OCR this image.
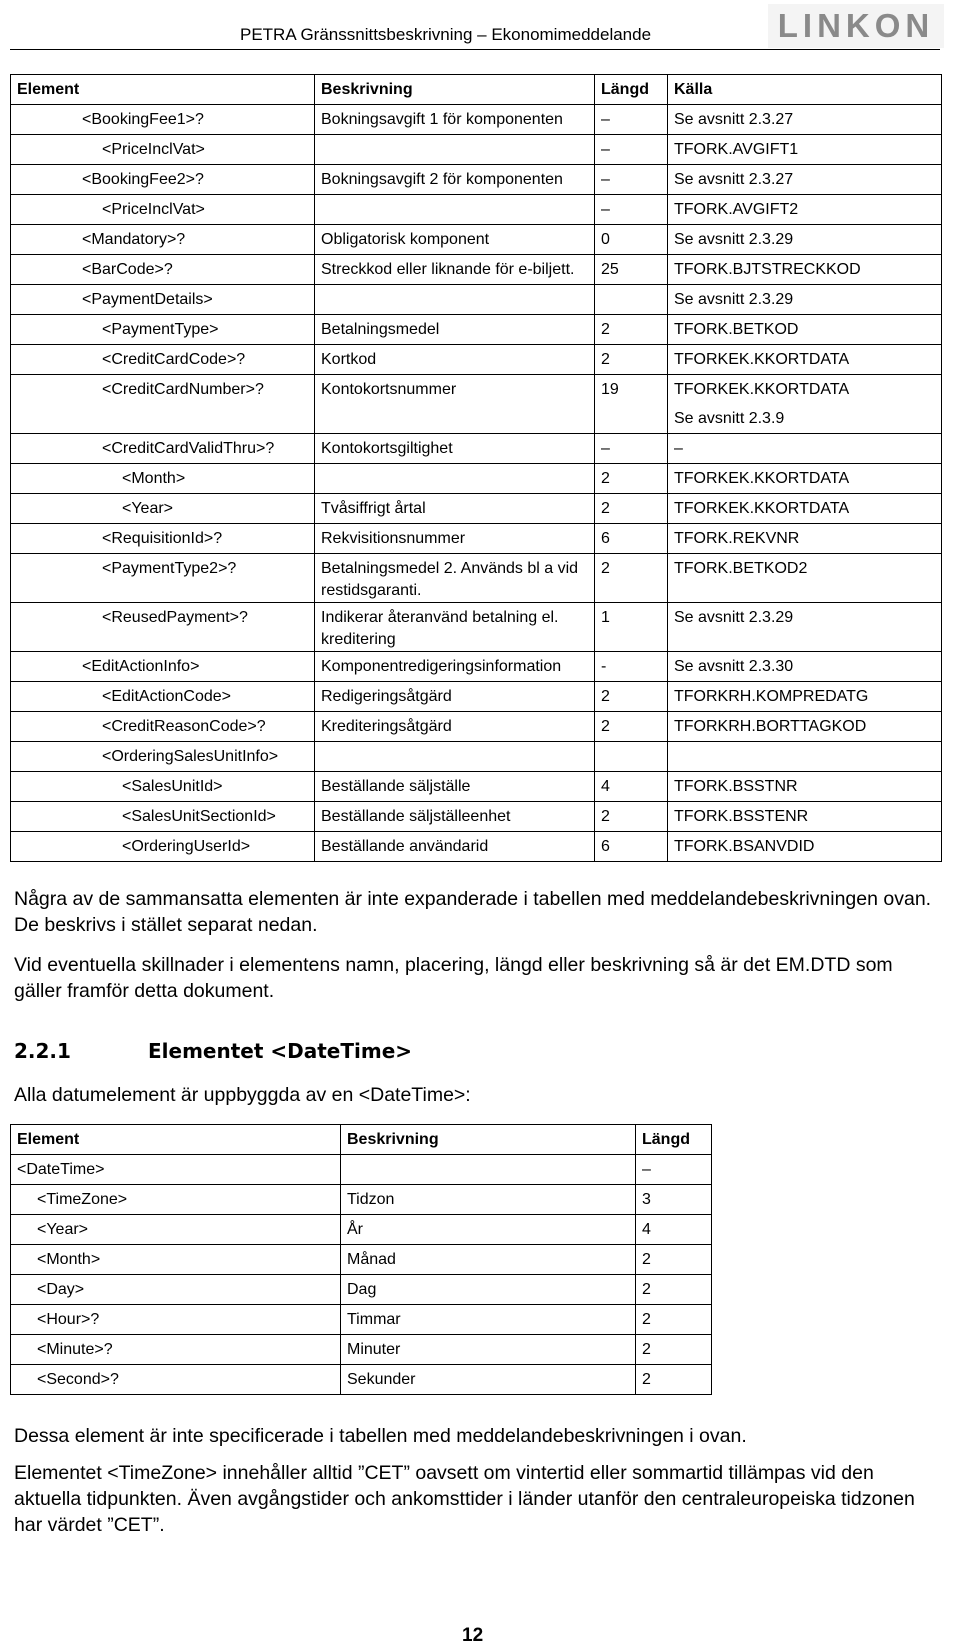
PETRA Gränssnittsbeskrivning – Ekonomimeddelande	LINKON
Element	Beskrivning	Längd	Källa
<BookingFee1>?	Bokningsavgift 1 för komponenten	–	Se avsnitt 2.3.27
<PriceInclVat>		–	TFORK.AVGIFT1
<BookingFee2>?	Bokningsavgift 2 för komponenten	–	Se avsnitt 2.3.27
<PriceInclVat>		–	TFORK.AVGIFT2
<Mandatory>?	Obligatorisk komponent	0	Se avsnitt 2.3.29
<BarCode>?	Streckkod eller liknande för e-biljett.	25	TFORK.BJTSTRECKKOD
<PaymentDetails>			Se avsnitt 2.3.29
<PaymentType>	Betalningsmedel	2	TFORK.BETKOD
<CreditCardCode>?	Kortkod	2	TFORKEK.KKORTDATA
<CreditCardNumber>?	Kontokortsnummer	19	TFORKEK.KKORTDATA
Se avsnitt 2.3.9

<CreditCardValidThru>?	Kontokortsgiltighet	–	–
<Month>		2	TFORKEK.KKORTDATA
<Year>	Tvåsiffrigt årtal	2	TFORKEK.KKORTDATA
<RequisitionId>?	Rekvisitionsnummer	6	TFORK.REKVNR

<PaymentType2>?	Betalningsmedel 2. Används bl a vid restidsgaranti.	2	TFORK.BETKOD2

<ReusedPayment>?	Indikerar återanvänd betalning el. kreditering	1	Se avsnitt 2.3.29

<EditActionInfo>	Komponentredigeringsinformation	-	Se avsnitt 2.3.30
<EditActionCode>	Redigeringsåtgärd	2	TFORKRH.KOMPREDATG
<CreditReasonCode>?	Krediteringsåtgärd	2	TFORKRH.BORTTAGKOD
<OrderingSalesUnitInfo>			
<SalesUnitId>	Beställande säljställe	4	TFORK.BSSTNR
<SalesUnitSectionId>	Beställande säljställeenhet	2	TFORK.BSSTENR
<OrderingUserId>	Beställande användarid	6	TFORK.BSANVDID
Några av de sammansatta elementen är inte expanderade i tabellen med meddelandebeskrivningen ovan. De beskrivs i stället separat nedan.
Vid eventuella skillnader i elementens namn, placering, längd eller beskrivning så är det EM.DTD som gäller framför detta dokument.
2.2.1	Elementet <DateTime>
Alla datumelement är uppbyggda av en <DateTime>:
Element	Beskrivning	Längd
<DateTime>		–
<TimeZone>	Tidzon	3
<Year>	År	4
<Month>	Månad	2
<Day>	Dag	2
<Hour>?	Timmar	2
<Minute>?	Minuter	2
<Second>?	Sekunder	2
Dessa element är inte specificerade i tabellen med meddelandebeskrivningen i ovan.
Elementet <TimeZone> innehåller alltid ”CET” oavsett om vintertid eller sommartid tillämpas vid den aktuella tidpunkten. Även avgångstider och ankomsttider i länder utanför den centraleuropeiska tidzonen har värdet ”CET”.
12
